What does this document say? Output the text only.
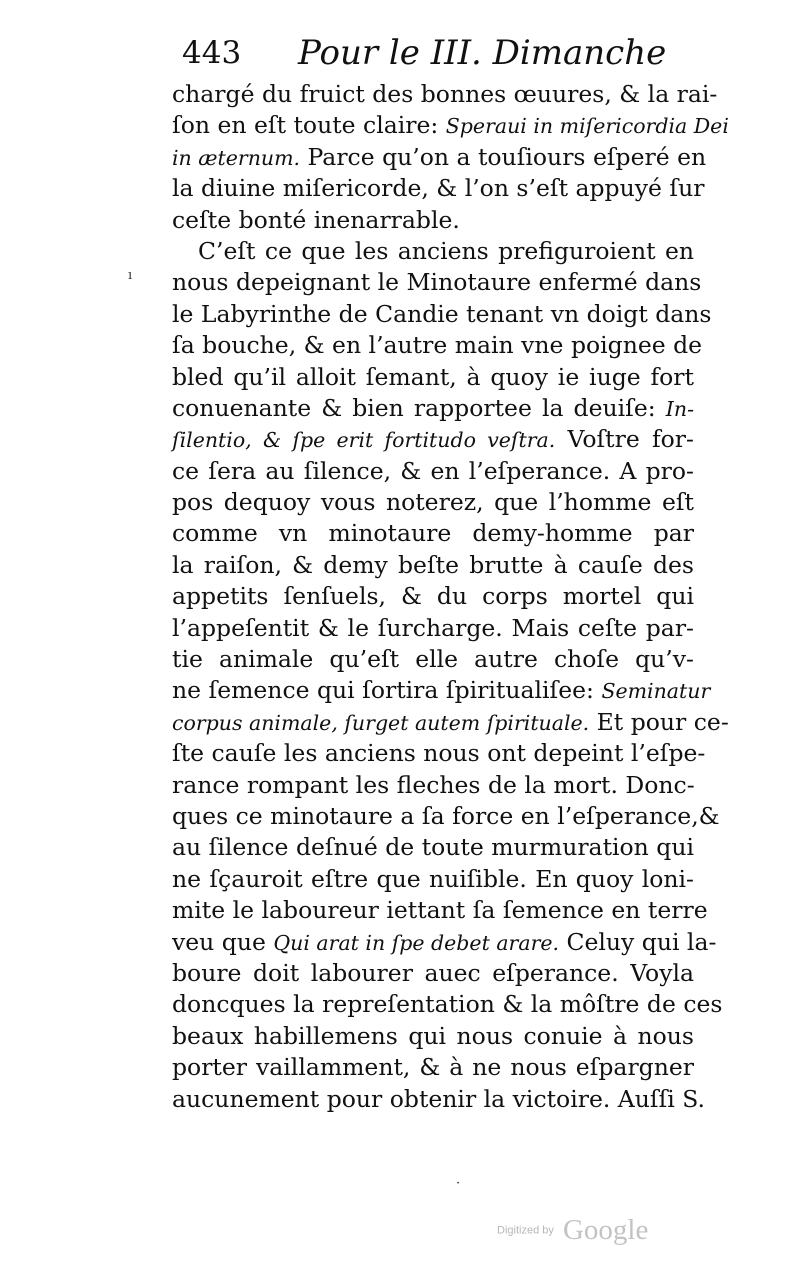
443 Pour le III. Dimanche
chargé du fruict des bonnes œuures, & la rai-
ſon en eſt toute claire: Speraui in miſericordia Dei
in æternum. Parce qu’on a touſiours eſperé en
la diuine miſericorde, & l’on s’eſt appuyé ſur
ceſte bonté inenarrable.
C’eſt ce que les anciens prefiguroient en
nous depeignant le Minotaure enfermé dans
le Labyrinthe de Candie tenant vn doigt dans
ſa bouche, & en l’autre main vne poignee de
bled qu’il alloit ſemant, à quoy ie iuge fort
conuenante & bien rapportee la deuiſe: In-
ſilentio, & ſpe erit fortitudo veſtra. Voſtre for-
ce ſera au ſilence, & en l’eſperance. A pro-
pos dequoy vous noterez, que l’homme eſt
comme vn minotaure demy-homme par
la raiſon, & demy beſte brutte à cauſe des
appetits ſenſuels, & du corps mortel qui
l’appeſentit & le ſurcharge. Mais ceſte par-
tie animale qu’eſt elle autre choſe qu’v-
ne ſemence qui ſortira ſpiritualiſee: Seminatur
corpus animale, ſurget autem ſpirituale. Et pour ce-
ſte cauſe les anciens nous ont depeint l’eſpe-
rance rompant les fleches de la mort. Donc-
ques ce minotaure a ſa force en l’eſperance,&
au ſilence deſnué de toute murmuration qui
ne ſçauroit eſtre que nuiſible. En quoy loni-
mite le laboureur iettant ſa ſemence en terre
veu que Qui arat in ſpe debet arare. Celuy qui la-
boure doit labourer auec eſperance. Voyla
doncques la repreſentation & la môſtre de ces
beaux habillemens qui nous conuie à nous
porter vaillamment, & à ne nous eſpargner
aucunement pour obtenir la victoire. Auſſi S.
ı
·
Digitized by Google
